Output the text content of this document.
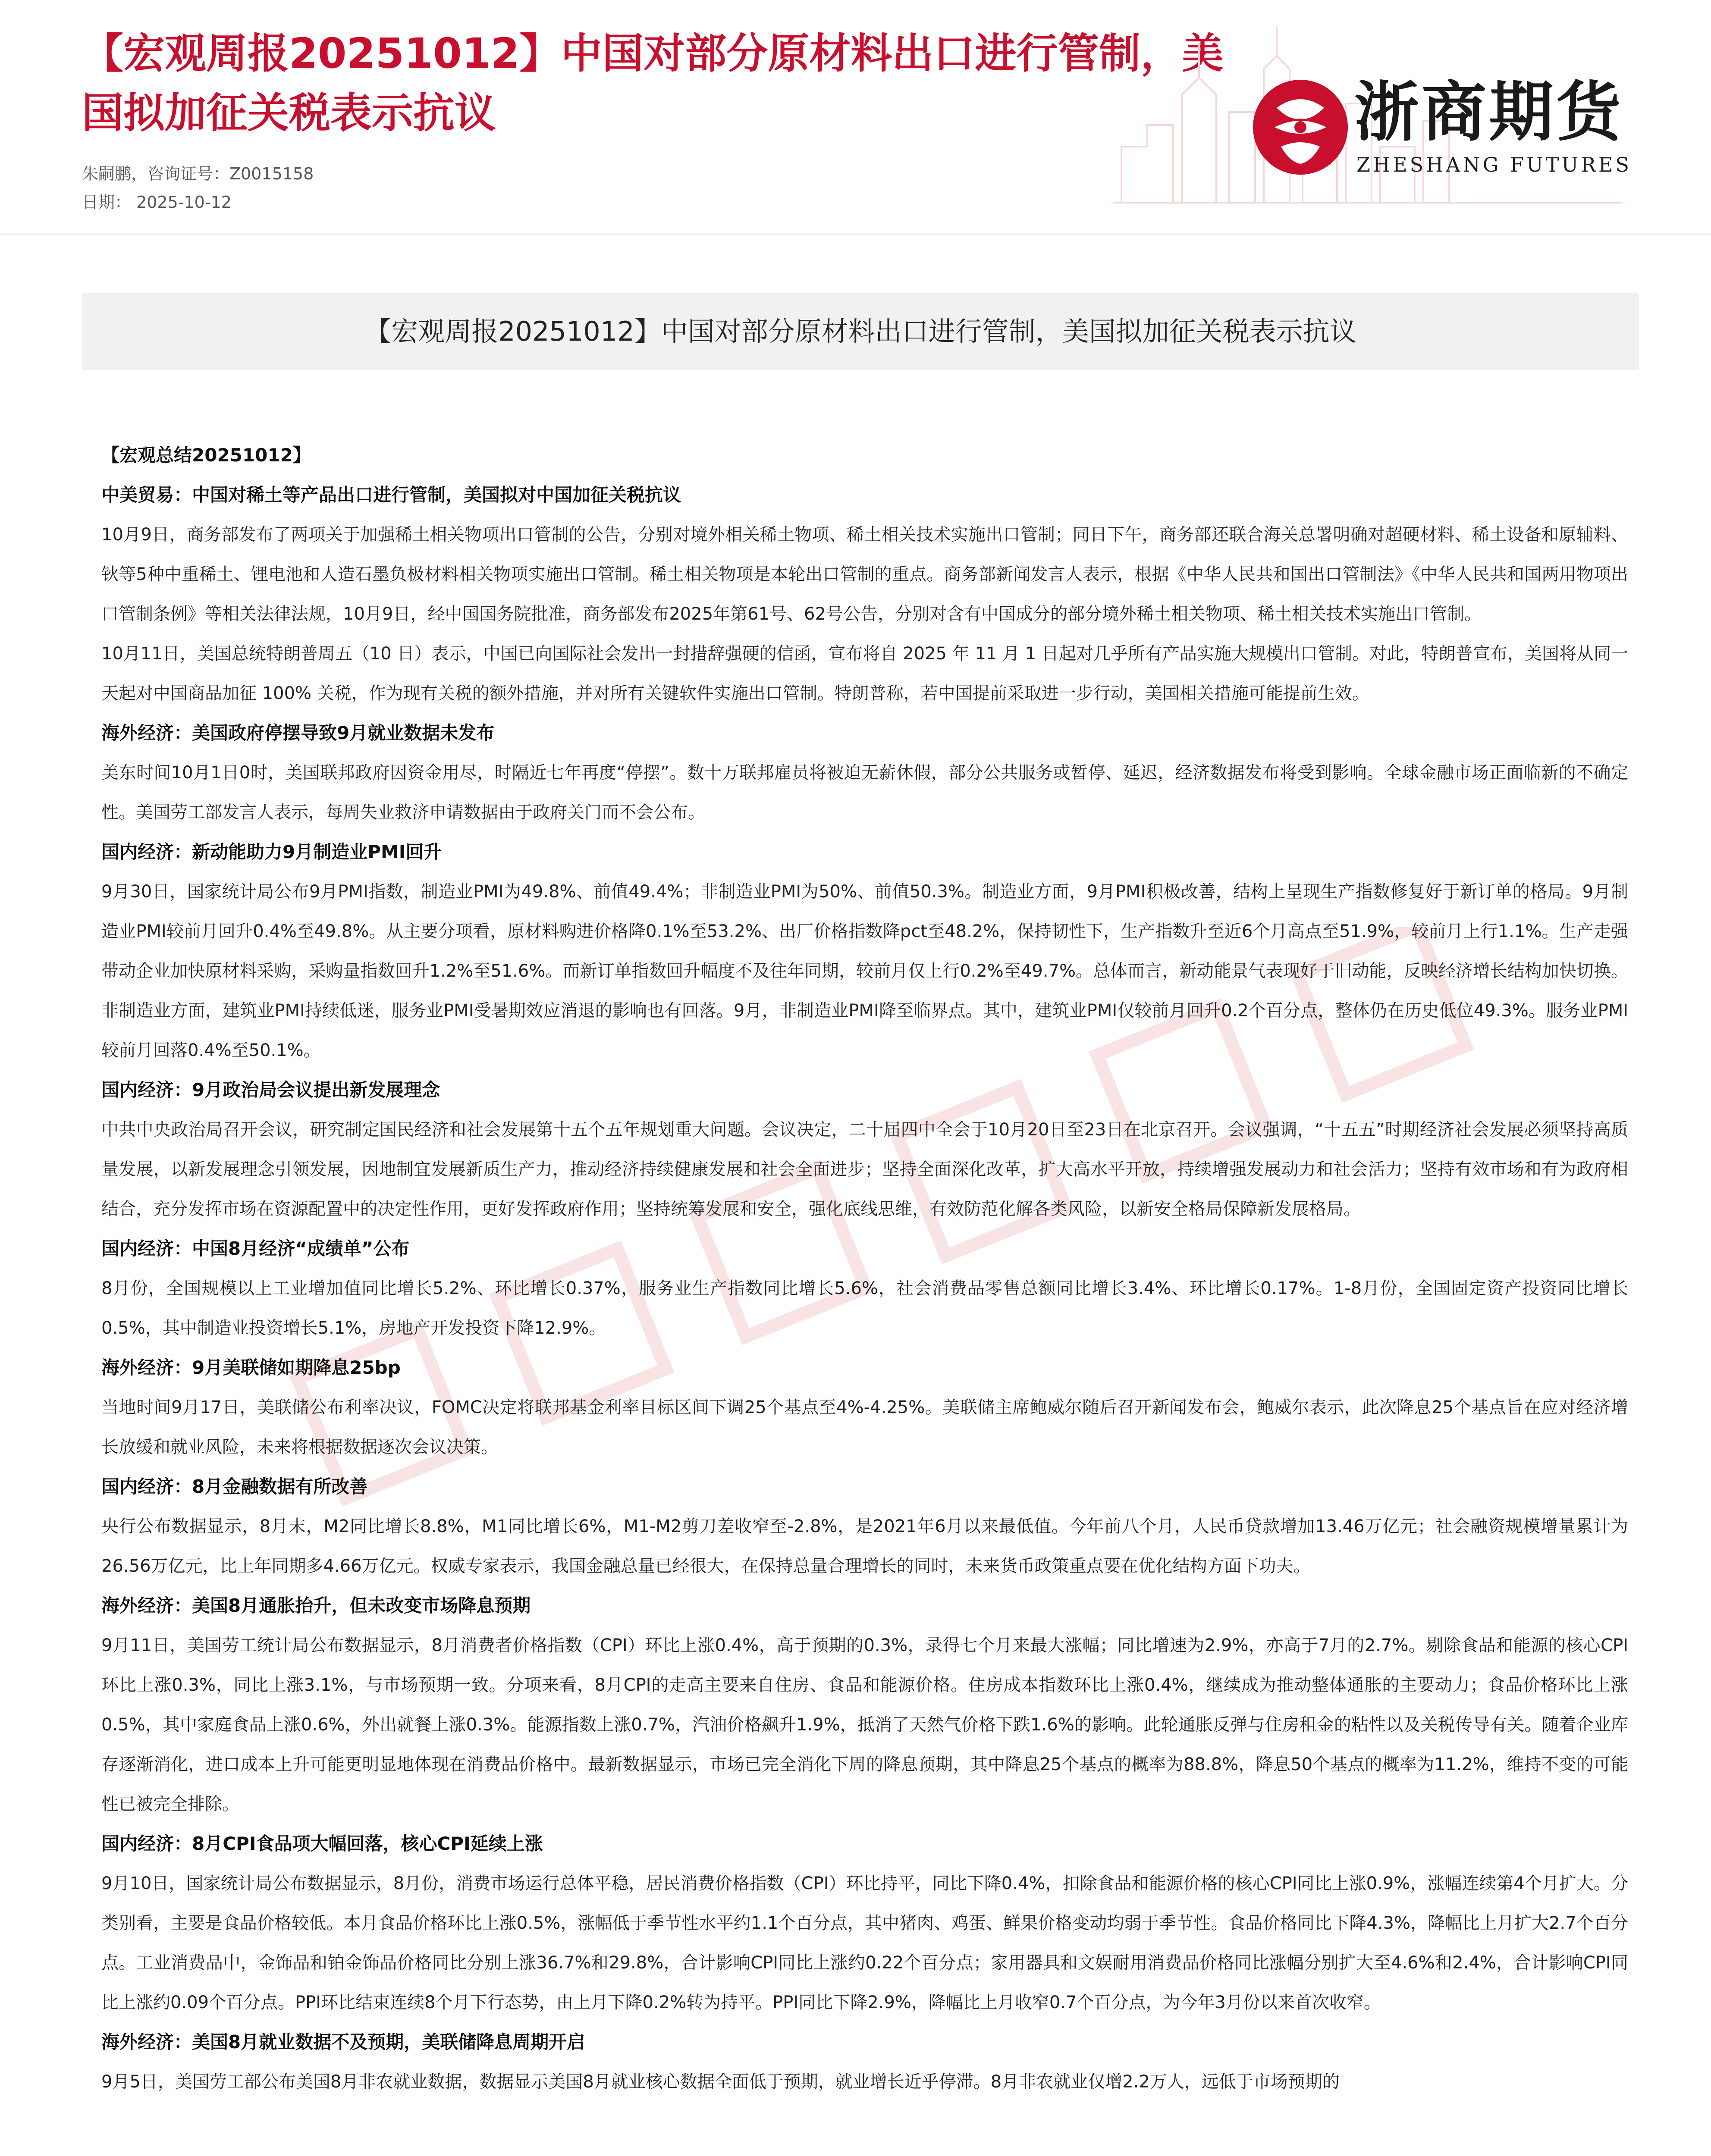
【宏观周报20251012】中国对部分原材料出口进行管制，美国拟加征关税表示抗议
朱嗣鹏，咨询证号：Z0015158
日期： 2025-10-12
浙商期货
ZHESHANG FUTURES
【宏观周报20251012】中国对部分原材料出口进行管制，美国拟加征关税表示抗议
【宏观总结20251012】
中美贸易：中国对稀土等产品出口进行管制，美国拟对中国加征关税抗议

10月9日，商务部发布了两项关于加强稀土相关物项出口管制的公告，分别对境外相关稀土物项、稀土相关技术实施出口管制；同日下午，商务部还联合海关总署明确对超硬材料、稀土设备和原辅料、钬等5种中重稀土、锂电池和人造石墨负极材料相关物项实施出口管制。稀土相关物项是本轮出口管制的重点。商务部新闻发言人表示，根据《中华人民共和国出口管制法》《中华人民共和国两用物项出口管制条例》等相关法律法规，10月9日，经中国国务院批准，商务部发布2025年第61号、62号公告，分别对含有中国成分的部分境外稀土相关物项、稀土相关技术实施出口管制。

10月11日，美国总统特朗普周五（10 日）表示，中国已向国际社会发出一封措辞强硬的信函，宣布将自 2025 年 11 月 1 日起对几乎所有产品实施大规模出口管制。对此，特朗普宣布，美国将从同一天起对中国商品加征 100% 关税，作为现有关税的额外措施，并对所有关键软件实施出口管制。特朗普称，若中国提前采取进一步行动，美国相关措施可能提前生效。

海外经济：美国政府停摆导致9月就业数据未发布

美东时间10月1日0时，美国联邦政府因资金用尽，时隔近七年再度“停摆”。数十万联邦雇员将被迫无薪休假，部分公共服务或暂停、延迟，经济数据发布将受到影响。全球金融市场正面临新的不确定性。美国劳工部发言人表示，每周失业救济申请数据由于政府关门而不会公布。

国内经济：新动能助力9月制造业PMI回升

9月30日，国家统计局公布9月PMI指数，制造业PMI为49.8%、前值49.4%；非制造业PMI为50%、前值50.3%。制造业方面，9月PMI积极改善，结构上呈现生产指数修复好于新订单的格局。9月制造业PMI较前月回升0.4%至49.8%。从主要分项看，原材料购进价格降0.1%至53.2%、出厂价格指数降pct至48.2%，保持韧性下，生产指数升至近6个月高点至51.9%，较前月上行1.1%。生产走强带动企业加快原材料采购，采购量指数回升1.2%至51.6%。而新订单指数回升幅度不及往年同期，较前月仅上行0.2%至49.7%。总体而言，新动能景气表现好于旧动能，反映经济增长结构加快切换。非制造业方面，建筑业PMI持续低迷，服务业PMI受暑期效应消退的影响也有回落。9月，非制造业PMI降至临界点。其中，建筑业PMI仅较前月回升0.2个百分点，整体仍在历史低位49.3%。服务业PMI较前月回落0.4%至50.1%。

国内经济：9月政治局会议提出新发展理念

中共中央政治局召开会议，研究制定国民经济和社会发展第十五个五年规划重大问题。会议决定，二十届四中全会于10月20日至23日在北京召开。会议强调，“十五五”时期经济社会发展必须坚持高质量发展，以新发展理念引领发展，因地制宜发展新质生产力，推动经济持续健康发展和社会全面进步；坚持全面深化改革，扩大高水平开放，持续增强发展动力和社会活力；坚持有效市场和有为政府相结合，充分发挥市场在资源配置中的决定性作用，更好发挥政府作用；坚持统筹发展和安全，强化底线思维，有效防范化解各类风险，以新安全格局保障新发展格局。

国内经济：中国8月经济“成绩单”公布

8月份，全国规模以上工业增加值同比增长5.2%、环比增长0.37%，服务业生产指数同比增长5.6%，社会消费品零售总额同比增长3.4%、环比增长0.17%。1-8月份，全国固定资产投资同比增长0.5%，其中制造业投资增长5.1%，房地产开发投资下降12.9%。

海外经济：9月美联储如期降息25bp

当地时间9月17日，美联储公布利率决议，FOMC决定将联邦基金利率目标区间下调25个基点至4%-4.25%。美联储主席鲍威尔随后召开新闻发布会，鲍威尔表示，此次降息25个基点旨在应对经济增长放缓和就业风险，未来将根据数据逐次会议决策。

国内经济：8月金融数据有所改善

央行公布数据显示，8月末，M2同比增长8.8%，M1同比增长6%，M1-M2剪刀差收窄至-2.8%，是2021年6月以来最低值。今年前八个月，人民币贷款增加13.46万亿元；社会融资规模增量累计为26.56万亿元，比上年同期多4.66万亿元。权威专家表示，我国金融总量已经很大，在保持总量合理增长的同时，未来货币政策重点要在优化结构方面下功夫。

海外经济：美国8月通胀抬升，但未改变市场降息预期

9月11日，美国劳工统计局公布数据显示，8月消费者价格指数（CPI）环比上涨0.4%，高于预期的0.3%，录得七个月来最大涨幅；同比增速为2.9%，亦高于7月的2.7%。剔除食品和能源的核心CPI环比上涨0.3%，同比上涨3.1%，与市场预期一致。分项来看，8月CPI的走高主要来自住房、食品和能源价格。住房成本指数环比上涨0.4%，继续成为推动整体通胀的主要动力；食品价格环比上涨0.5%，其中家庭食品上涨0.6%，外出就餐上涨0.3%。能源指数上涨0.7%，汽油价格飙升1.9%，抵消了天然气价格下跌1.6%的影响。此轮通胀反弹与住房租金的粘性以及关税传导有关。随着企业库存逐渐消化，进口成本上升可能更明显地体现在消费品价格中。最新数据显示，市场已完全消化下周的降息预期，其中降息25个基点的概率为88.8%，降息50个基点的概率为11.2%，维持不变的可能性已被完全排除。

国内经济：8月CPI食品项大幅回落，核心CPI延续上涨

9月10日，国家统计局公布数据显示，8月份，消费市场运行总体平稳，居民消费价格指数（CPI）环比持平，同比下降0.4%，扣除食品和能源价格的核心CPI同比上涨0.9%，涨幅连续第4个月扩大。分类别看，主要是食品价格较低。本月食品价格环比上涨0.5%，涨幅低于季节性水平约1.1个百分点，其中猪肉、鸡蛋、鲜果价格变动均弱于季节性。食品价格同比下降4.3%，降幅比上月扩大2.7个百分点。工业消费品中，金饰品和铂金饰品价格同比分别上涨36.7%和29.8%，合计影响CPI同比上涨约0.22个百分点；家用器具和文娱耐用消费品价格同比涨幅分别扩大至4.6%和2.4%，合计影响CPI同比上涨约0.09个百分点。PPI环比结束连续8个月下行态势，由上月下降0.2%转为持平。PPI同比下降2.9%，降幅比上月收窄0.7个百分点，为今年3月份以来首次收窄。

海外经济：美国8月就业数据不及预期，美联储降息周期开启

9月5日，美国劳工部公布美国8月非农就业数据，数据显示美国8月就业核心数据全面低于预期，就业增长近乎停滞。8月非农就业仅增2.2万人，远低于市场预期的
